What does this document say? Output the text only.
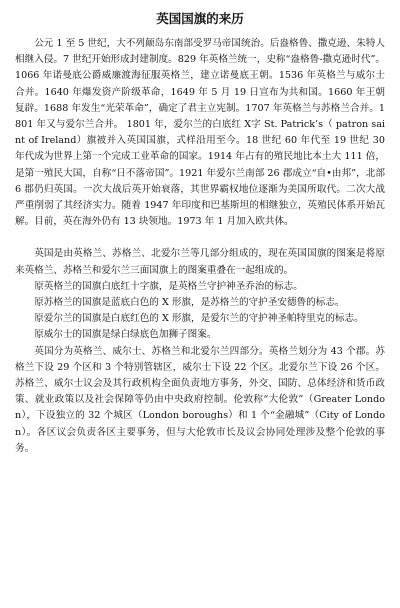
英国国旗的来历

公元 1 至 5 世纪，大不列颠岛东南部受罗马帝国统治。后盎格鲁、撒克逊、朱特人相继入侵。7 世纪开始形成封建制度。829 年英格兰统一，史称“盎格鲁-撒克逊时代”。1066 年诺曼底公爵威廉渡海征服英格兰，建立诺曼底王朝。1536 年英格兰与威尔士合并。1640 年爆发资产阶级革命，1649 年 5 月 19 日宣布为共和国。1660 年王朝复辟。1688 年发生“光荣革命”，确定了君主立宪制。1707 年英格兰与苏格兰合并。1801 年又与爱尔兰合并。 1801 年，爱尔兰的白底红 X字 St. Patrick’s（ patron saint of Ireland）旗被并入英国国旗，式样沿用至今。18 世纪 60 年代至 19 世纪 30 年代成为世界上第一个完成工业革命的国家。1914 年占有的殖民地比本土大 111 倍，是第一殖民大国，自称“日不落帝国”。1921 年爱尔兰南部 26 郡成立“自•由邦”，北部 6 郡仍归英国。一次大战后英开始衰落，其世界霸权地位逐渐为美国所取代。二次大战严重削弱了其经济实力。随着 1947 年印度和巴基斯坦的相继独立，英殖民体系开始瓦解。目前，英在海外仍有 13 块领地。1973 年 1 月加入欧共体。

英国是由英格兰、苏格兰、北爱尔兰等几部分组成的，现在英国国旗的图案是将原来英格兰、苏格兰和爱尔兰三面国旗上的图案重叠在一起组成的。

原英格兰的国旗白底红十字旗，是英格兰守护神圣乔治的标志。

原苏格兰的国旗是蓝底白色的 X 形旗，是苏格兰的守护圣安德鲁的标志。

原爱尔兰的国旗是白底红色的 X 形旗，是爱尔兰的守护神圣帕特里克的标志。

原威尔士的国旗是绿白绿底色加狮子图案。

英国分为英格兰、威尔士、苏格兰和北爱尔兰四部分。英格兰划分为 43 个郡。苏格兰下设 29 个区和 3 个特别管辖区，威尔士下设 22 个区。北爱尔兰下设 26 个区。苏格兰、威尔士议会及其行政机构全面负责地方事务，外交、国防、总体经济和货币政策、就业政策以及社会保障等仍由中央政府控制。伦敦称“大伦敦”（Greater London），下设独立的 32 个城区（London boroughs）和 1 个“金融城”（City of London）。各区议会负责各区主要事务，但与大伦敦市长及议会协同处理涉及整个伦敦的事务。
